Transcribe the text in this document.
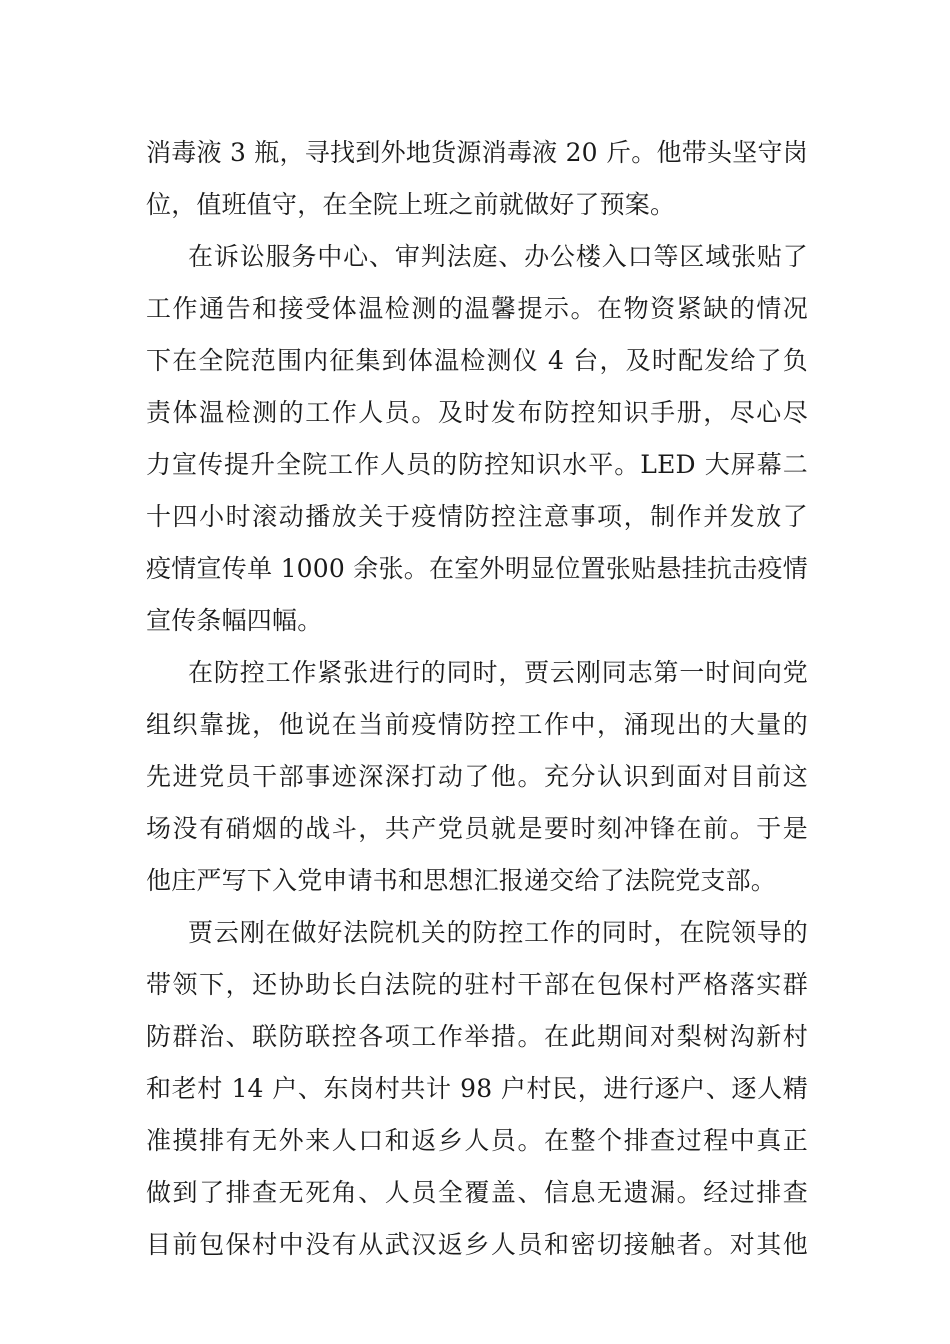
消毒液 3 瓶，寻找到外地货源消毒液 20 斤。他带头坚守岗
位，值班值守，在全院上班之前就做好了预案。
在诉讼服务中心、审判法庭、办公楼入口等区域张贴了
工作通告和接受体温检测的温馨提示。在物资紧缺的情况
下在全院范围内征集到体温检测仪 4 台，及时配发给了负
责体温检测的工作人员。及时发布防控知识手册，尽心尽
力宣传提升全院工作人员的防控知识水平。LED 大屏幕二
十四小时滚动播放关于疫情防控注意事项，制作并发放了
疫情宣传单 1000 余张。在室外明显位置张贴悬挂抗击疫情
宣传条幅四幅。
在防控工作紧张进行的同时，贾云刚同志第一时间向党
组织靠拢，他说在当前疫情防控工作中，涌现出的大量的
先进党员干部事迹深深打动了他。充分认识到面对目前这
场没有硝烟的战斗，共产党员就是要时刻冲锋在前。于是
他庄严写下入党申请书和思想汇报递交给了法院党支部。
贾云刚在做好法院机关的防控工作的同时，在院领导的
带领下，还协助长白法院的驻村干部在包保村严格落实群
防群治、联防联控各项工作举措。在此期间对梨树沟新村
和老村 14 户、东岗村共计 98 户村民，进行逐户、逐人精
准摸排有无外来人口和返乡人员。在整个排查过程中真正
做到了排查无死角、人员全覆盖、信息无遗漏。经过排查
目前包保村中没有从武汉返乡人员和密切接触者。对其他
